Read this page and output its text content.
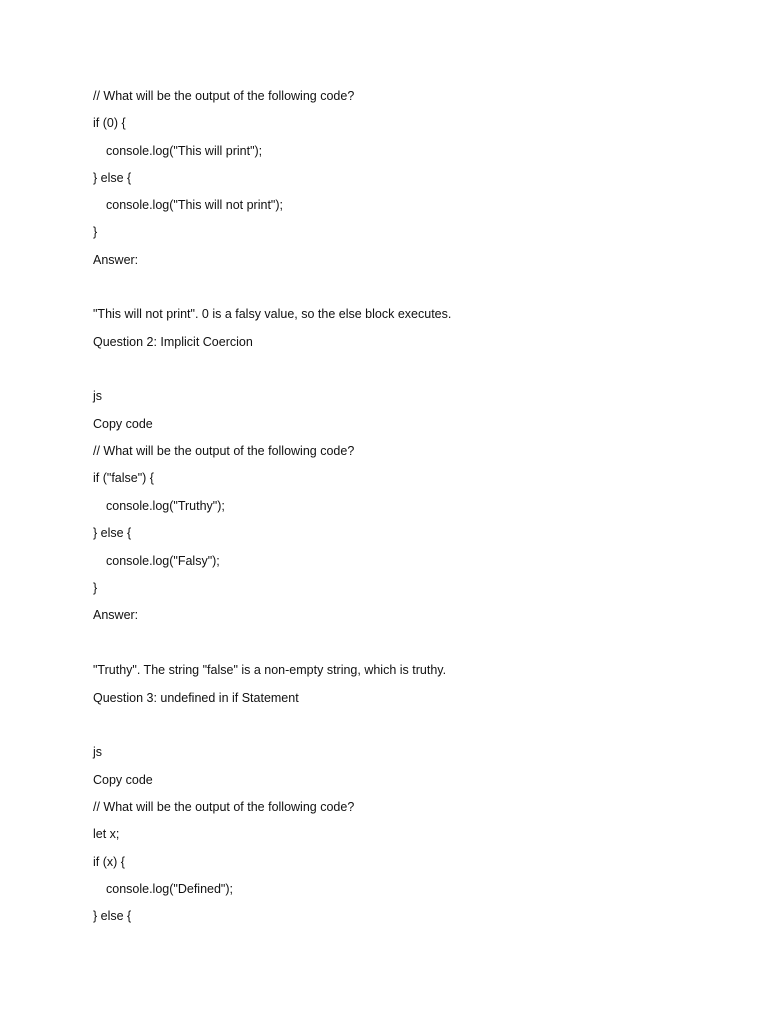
// What will be the output of the following code?
if (0) {
console.log("This will print");
} else {
console.log("This will not print");
}
Answer:
"This will not print". 0 is a falsy value, so the else block executes.
Question 2: Implicit Coercion
js
Copy code
// What will be the output of the following code?
if ("false") {
console.log("Truthy");
} else {
console.log("Falsy");
}
Answer:
"Truthy". The string "false" is a non-empty string, which is truthy.
Question 3: undefined in if Statement
js
Copy code
// What will be the output of the following code?
let x;
if (x) {
console.log("Defined");
} else {
